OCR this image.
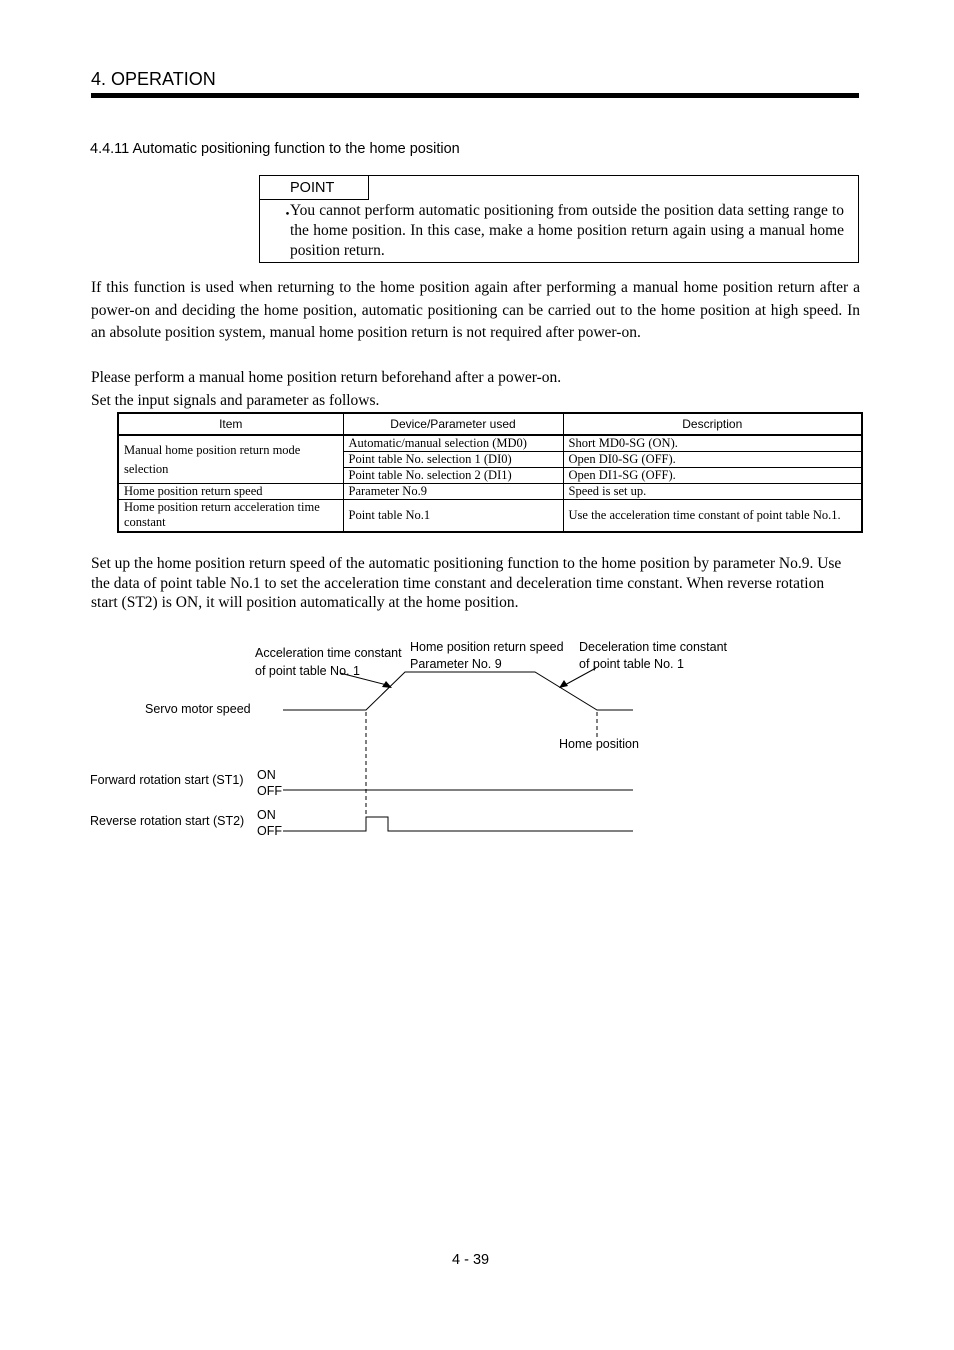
4. OPERATION
4.4.11 Automatic positioning function to the home position
POINT
・
You cannot perform automatic positioning from outside the position data setting range to the home position. In this case, make a home position return again using a manual home position return.
If this function is used when returning to the home position again after performing a manual home position return after a power-on and deciding the home position, automatic positioning can be carried out to the home position at high speed. In an absolute position system, manual home position return is not required after power-on.
Please perform a manual home position return beforehand after a power-on.
Set the input signals and parameter as follows.
Item	Device/Parameter used	Description
Manual home position return mode selection	Automatic/manual selection (MD0)	Short MD0-SG (ON).
	Point table No. selection 1 (DI0)	Open DI0-SG (OFF).
	Point table No. selection 2 (DI1)	Open DI1-SG (OFF).
Home position return speed	Parameter No.9	Speed is set up.
Home position return acceleration time constant	Point table No.1	Use the acceleration time constant of point table No.1.
Set up the home position return speed of the automatic positioning function to the home position by parameter No.9. Use the data of point table No.1 to set the acceleration time constant and deceleration time constant. When reverse rotation start (ST2) is ON, it will position automatically at the home position.
Acceleration time constant
of point table No. 1
Home position return speed
Parameter No. 9
Deceleration time constant
of point table No. 1
Servo motor speed
Home position
Forward rotation start (ST1) ON
OFF
Reverse rotation start (ST2) ON
OFF
4 - 39
